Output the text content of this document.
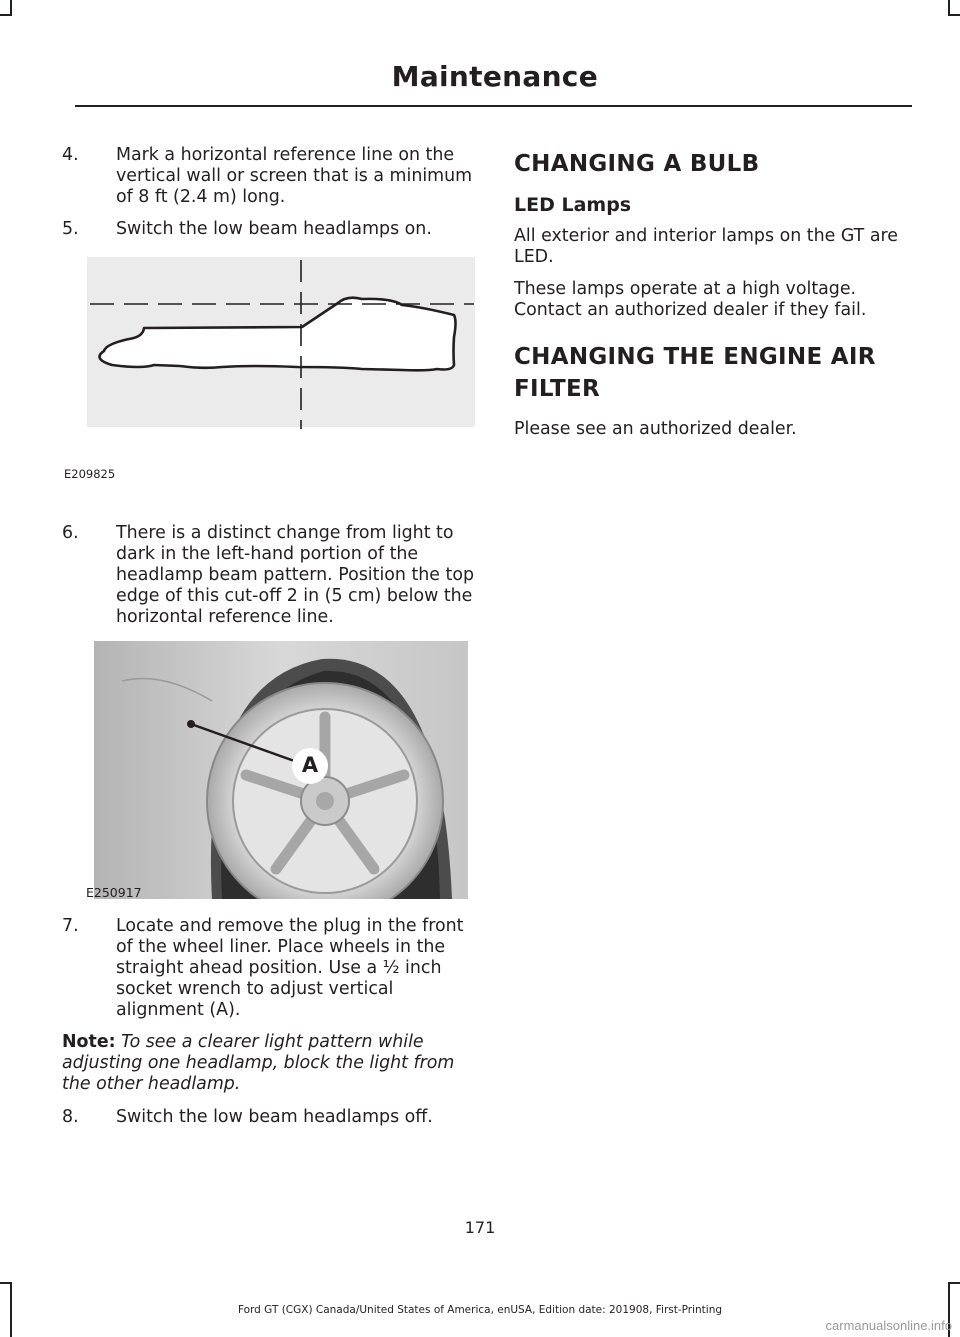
Maintenance
4.	Mark a horizontal reference line on the vertical wall or screen that is a minimum of 8 ft (2.4 m) long.
5.	Switch the low beam headlamps on.
E209825
6.	There is a distinct change from light to dark in the left-hand portion of the headlamp beam pattern. Position the top edge of this cut-off 2 in (5 cm) below the horizontal reference line.
A
E250917
7.	Locate and remove the plug in the front of the wheel liner. Place wheels in the straight ahead position. Use a ½ inch socket wrench to adjust vertical alignment (A).

Note: To see a clearer light pattern while adjusting one headlamp, block the light from the other headlamp.

8.	Switch the low beam headlamps off.
CHANGING A BULB
LED Lamps

All exterior and interior lamps on the GT are LED.

These lamps operate at a high voltage. Contact an authorized dealer if they fail.

CHANGING THE ENGINE AIR
FILTER

Please see an authorized dealer.

171
Ford GT (CGX) Canada/United States of America, enUSA, Edition date: 201908, First-Printing
carmanualsonline.info
